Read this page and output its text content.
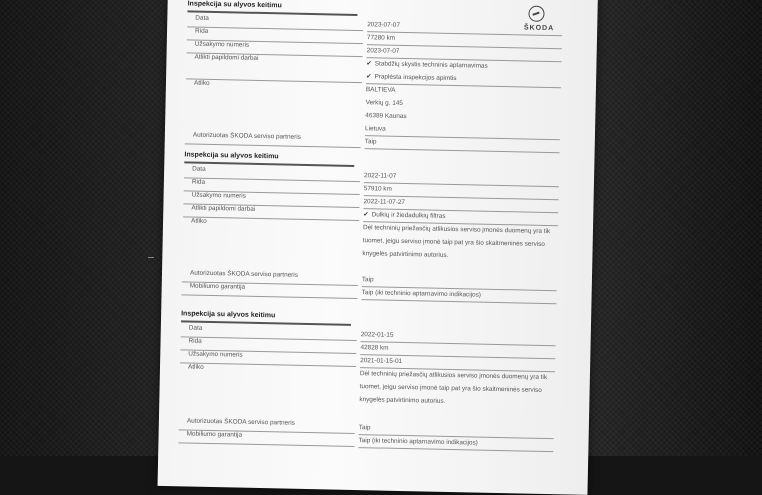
ŠKODA
Inspekcija su alyvos keitimu
Data
2023-07-07
Rida
77280 km
Užsakymo numeris
2023-07-07
Atlikti papildomi darbai
✔ Stabdžių skystis techninis aptarnavimas
✔ Praplėsta inspekcijos apimtis
Atliko
BALTIEVA
Verkių g. 145
46389 Kaunas
Lietuva
Autorizuotas ŠKODA serviso partneris
Taip
Inspekcija su alyvos keitimu
Data
2022-11-07
Rida
57910 km
Užsakymo numeris
2022-11-07-27
Atlikti papildomi darbai
✔ Dulkių ir žiedadulkių filtras
Atliko
Dėl techninių priežasčių atlikusios serviso įmonės duomenų yra tik
tuomet, jeigu serviso įmonė taip pat yra šio skaitmeninės serviso
knygelės patvirtinimo autorius.
Autorizuotas ŠKODA serviso partneris
Taip
Mobiliumo garantija
Taip (iki techninio aptarnavimo indikacijos)
Inspekcija su alyvos keitimu
Data
2022-01-15
Rida
42828 km
Užsakymo numeris
2021-01-15-01
Atliko
Dėl techninių priežasčių atlikusios serviso įmonės duomenų yra tik
tuomet, jeigu serviso įmonė taip pat yra šio skaitmeninės serviso
knygelės patvirtinimo autorius.
Autorizuotas ŠKODA serviso partneris
Taip
Mobiliumo garantija
Taip (iki techninio aptarnavimo indikacijos)
